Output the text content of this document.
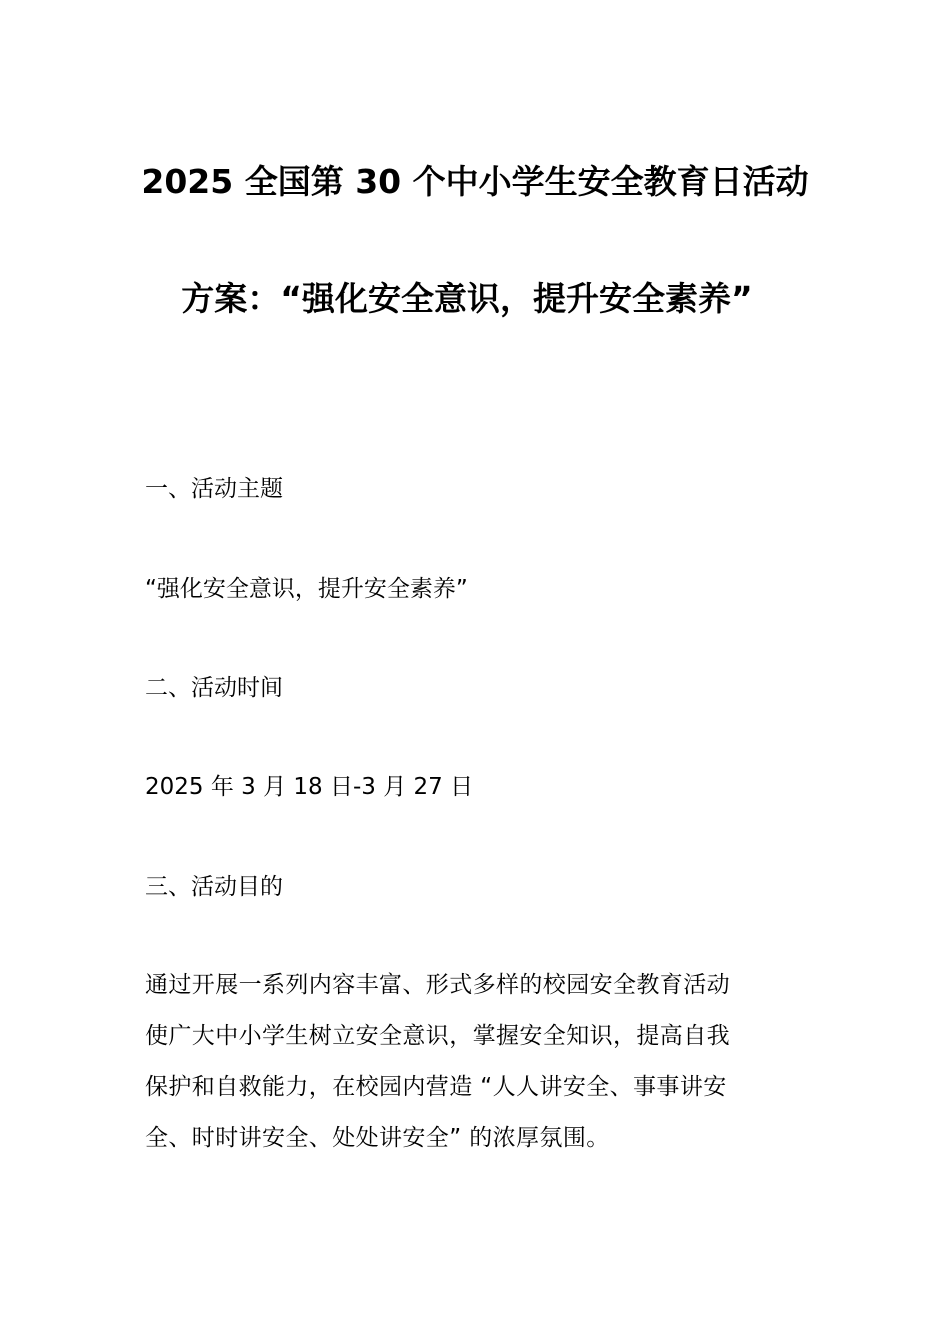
2025 全国第 30 个中小学生安全教育日活动
方案：“强化安全意识，提升安全素养”
一、活动主题
“强化安全意识，提升安全素养”
二、活动时间
2025 年 3 月 18 日-3 月 27 日
三、活动目的
通过开展一系列内容丰富、形式多样的校园安全教育活动
使广大中小学生树立安全意识，掌握安全知识，提高自我
保护和自救能力，在校园内营造 “人人讲安全、事事讲安
全、时时讲安全、处处讲安全” 的浓厚氛围。
